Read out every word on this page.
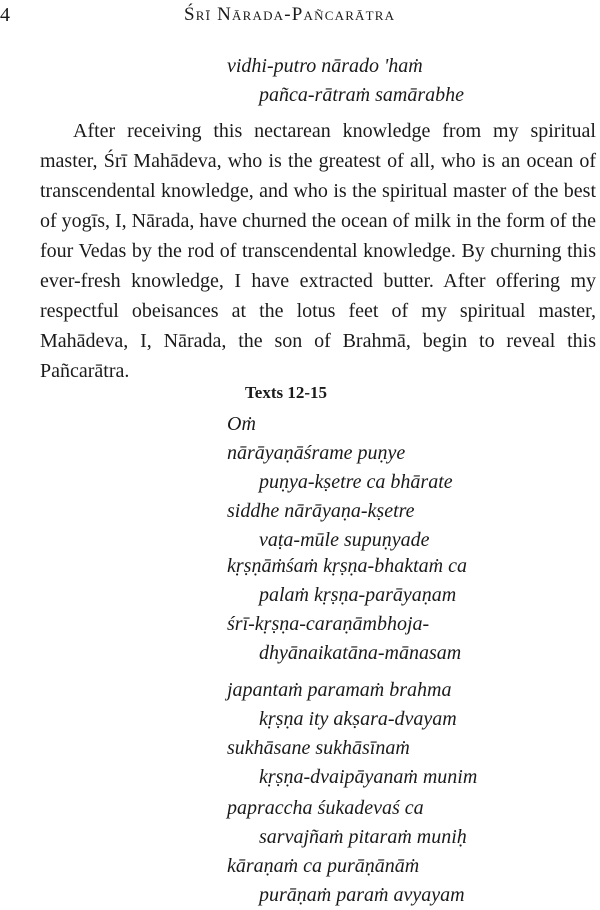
4	Śrī Nārada-Pañcarātra
vidhi-putro nārado 'haṁ
pañca-rātraṁ samārabhe

After receiving this nectarean knowledge from my spiritual master, Śrī Mahādeva, who is the greatest of all, who is an ocean of transcendental knowledge, and who is the spiritual master of the best of yogīs, I, Nārada, have churned the ocean of milk in the form of the four Vedas by the rod of transcendental knowledge. By churning this ever-fresh knowledge, I have extracted butter. After offering my respectful obeisances at the lotus feet of my spiritual master, Mahādeva, I, Nārada, the son of Brahmā, begin to reveal this Pañcarātra.

Texts 12-15
Oṁ
nārāyaṇāśrame puṇye
puṇya-kṣetre ca bhārate
siddhe nārāyaṇa-kṣetre
vaṭa-mūle supuṇyade
kṛṣṇāṁśaṁ kṛṣṇa-bhaktaṁ ca
palaṁ kṛṣṇa-parāyaṇam
śrī-kṛṣṇa-caraṇāmbhoja-
dhyānaikatāna-mānasam
japantaṁ paramaṁ brahma
kṛṣṇa ity akṣara-dvayam
sukhāsane sukhāsīnaṁ
kṛṣṇa-dvaipāyanaṁ munim
papraccha śukadevaś ca
sarvajñaṁ pitaraṁ muniḥ
kāraṇaṁ ca purāṇānāṁ
purāṇaṁ paraṁ avyayam
